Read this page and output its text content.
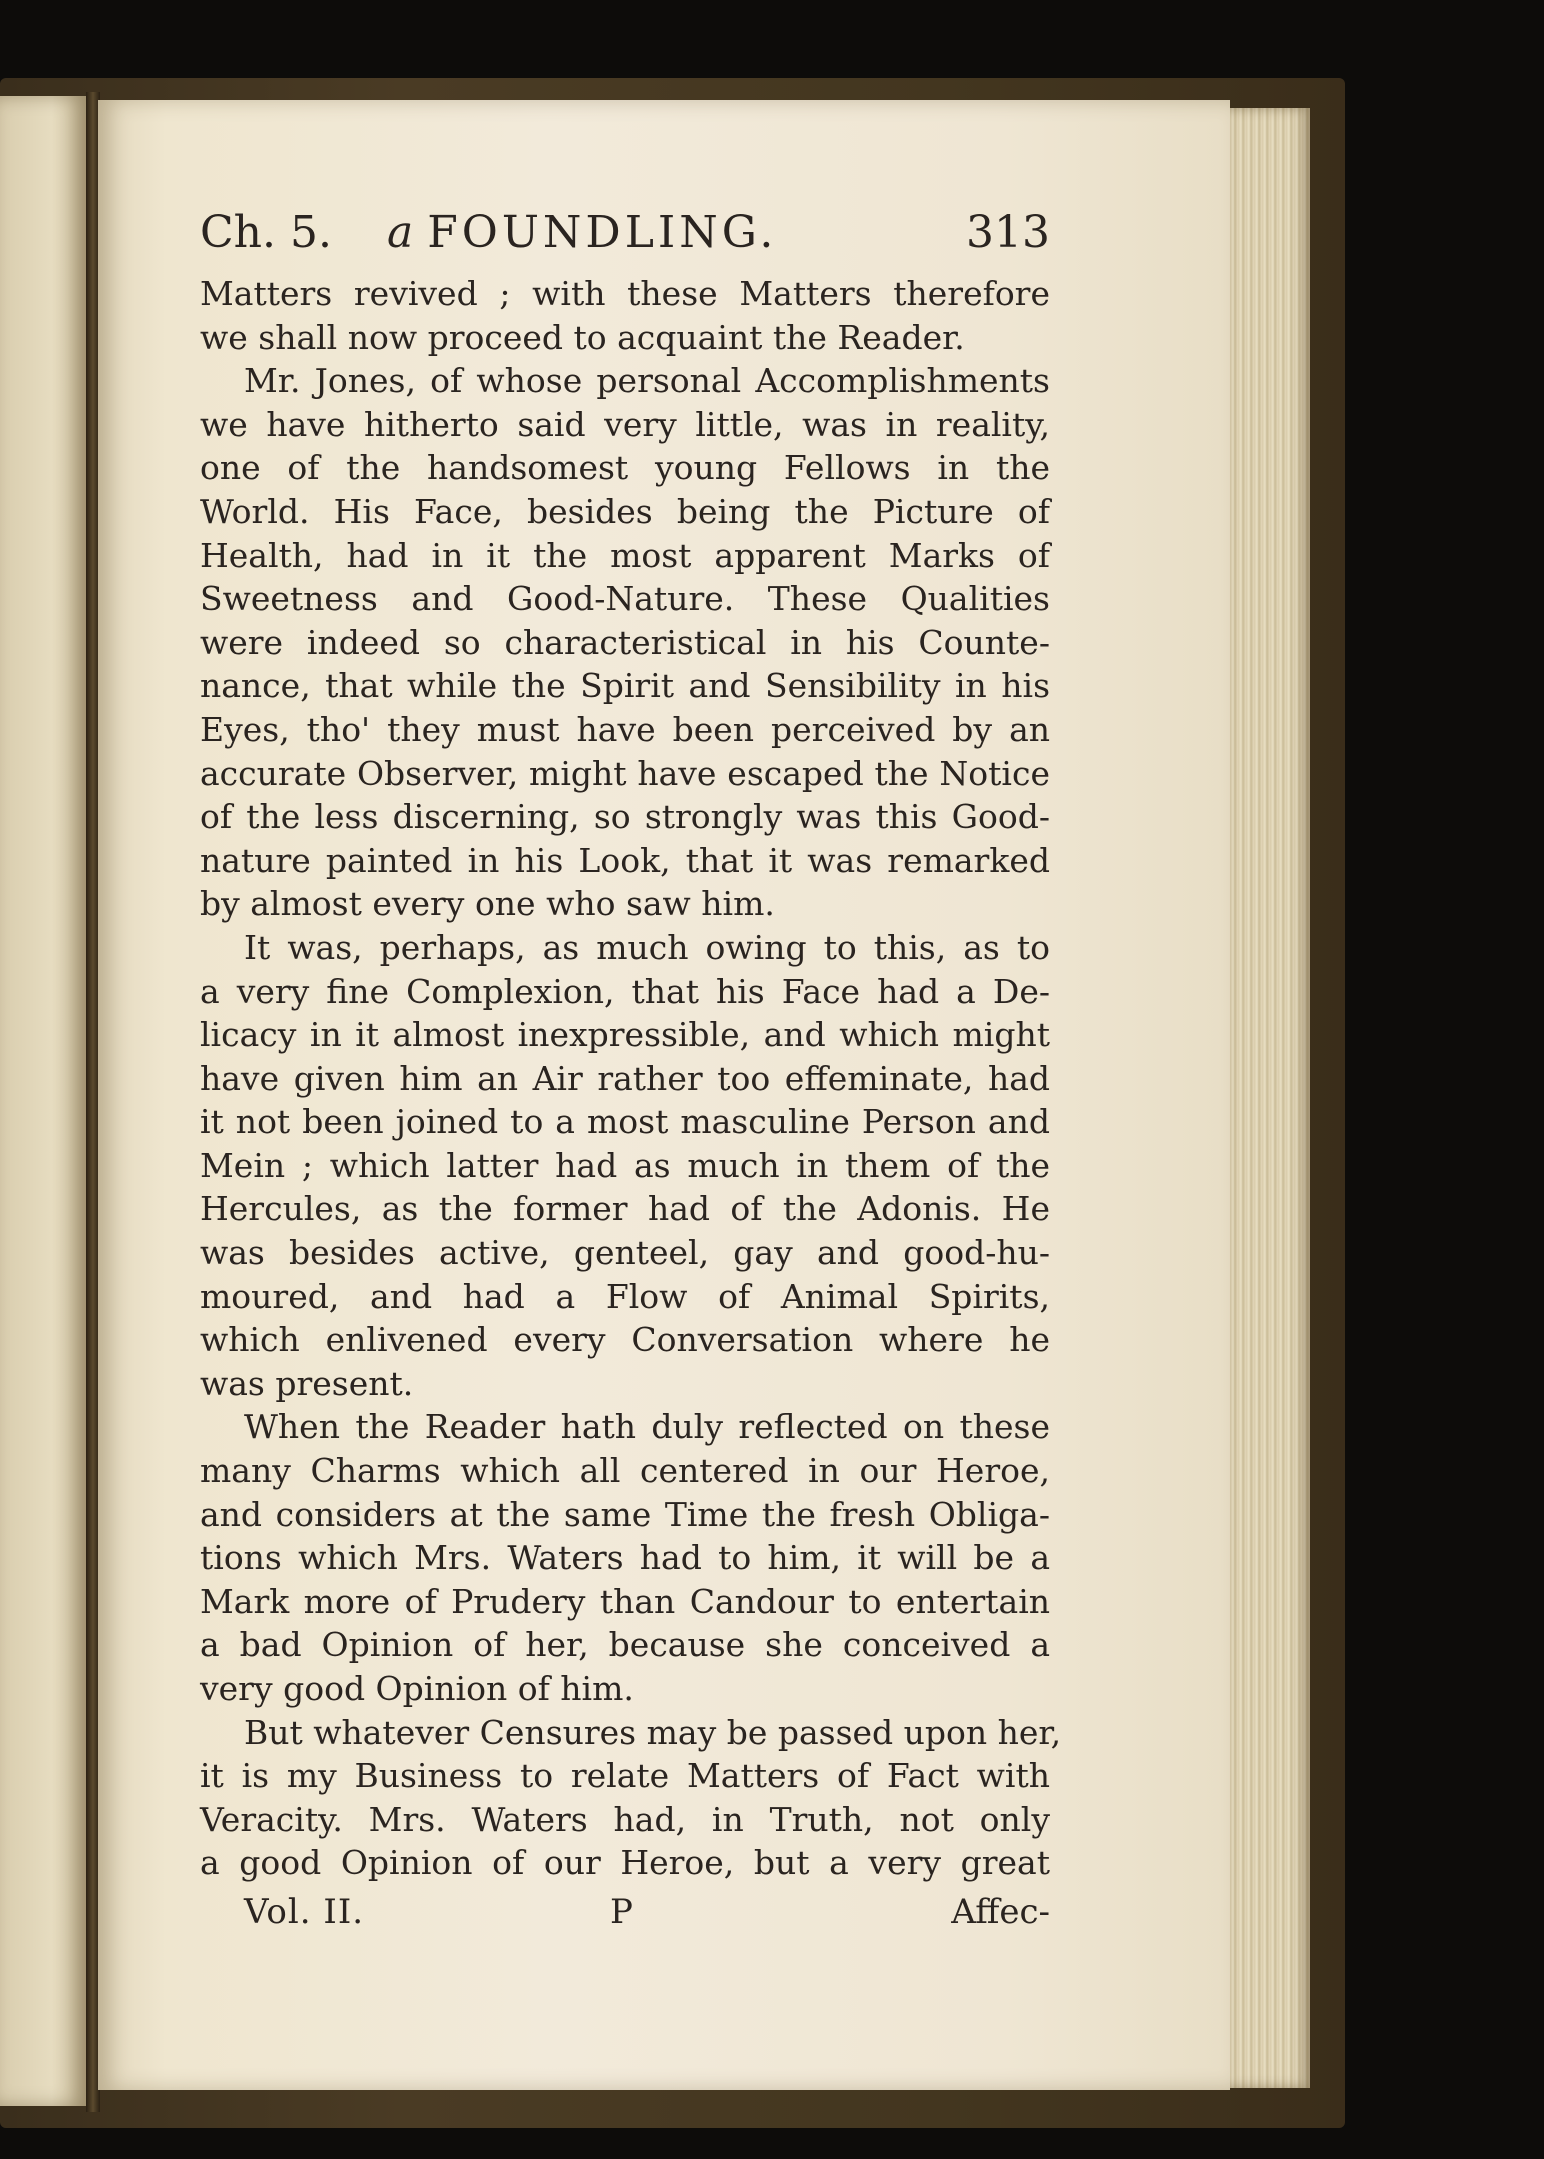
Ch. 5. a FOUNDLING.	313
Matters revived ; with these Matters therefore
we shall now proceed to acquaint the Reader.
Mr. Jones, of whose personal Accomplishments
we have hitherto said very little, was in reality,
one of the handsomest young Fellows in the
World. His Face, besides being the Picture of
Health, had in it the most apparent Marks of
Sweetness and Good-Nature. These Qualities
were indeed so characteristical in his Counte-
nance, that while the Spirit and Sensibility in his
Eyes, tho' they must have been perceived by an
accurate Observer, might have escaped the Notice
of the less discerning, so strongly was this Good-
nature painted in his Look, that it was remarked
by almost every one who saw him.
It was, perhaps, as much owing to this, as to
a very fine Complexion, that his Face had a De-
licacy in it almost inexpressible, and which might
have given him an Air rather too effeminate, had
it not been joined to a most masculine Person and
Mein ; which latter had as much in them of the
Hercules, as the former had of the Adonis. He
was besides active, genteel, gay and good-hu-
moured, and had a Flow of Animal Spirits,
which enlivened every Conversation where he
was present.
When the Reader hath duly reflected on these
many Charms which all centered in our Heroe,
and considers at the same Time the fresh Obliga-
tions which Mrs. Waters had to him, it will be a
Mark more of Prudery than Candour to entertain
a bad Opinion of her, because she conceived a
very good Opinion of him.
But whatever Censures may be passed upon her,
it is my Business to relate Matters of Fact with
Veracity. Mrs. Waters had, in Truth, not only
a good Opinion of our Heroe, but a very great
Vol. II.	P	Affec-
